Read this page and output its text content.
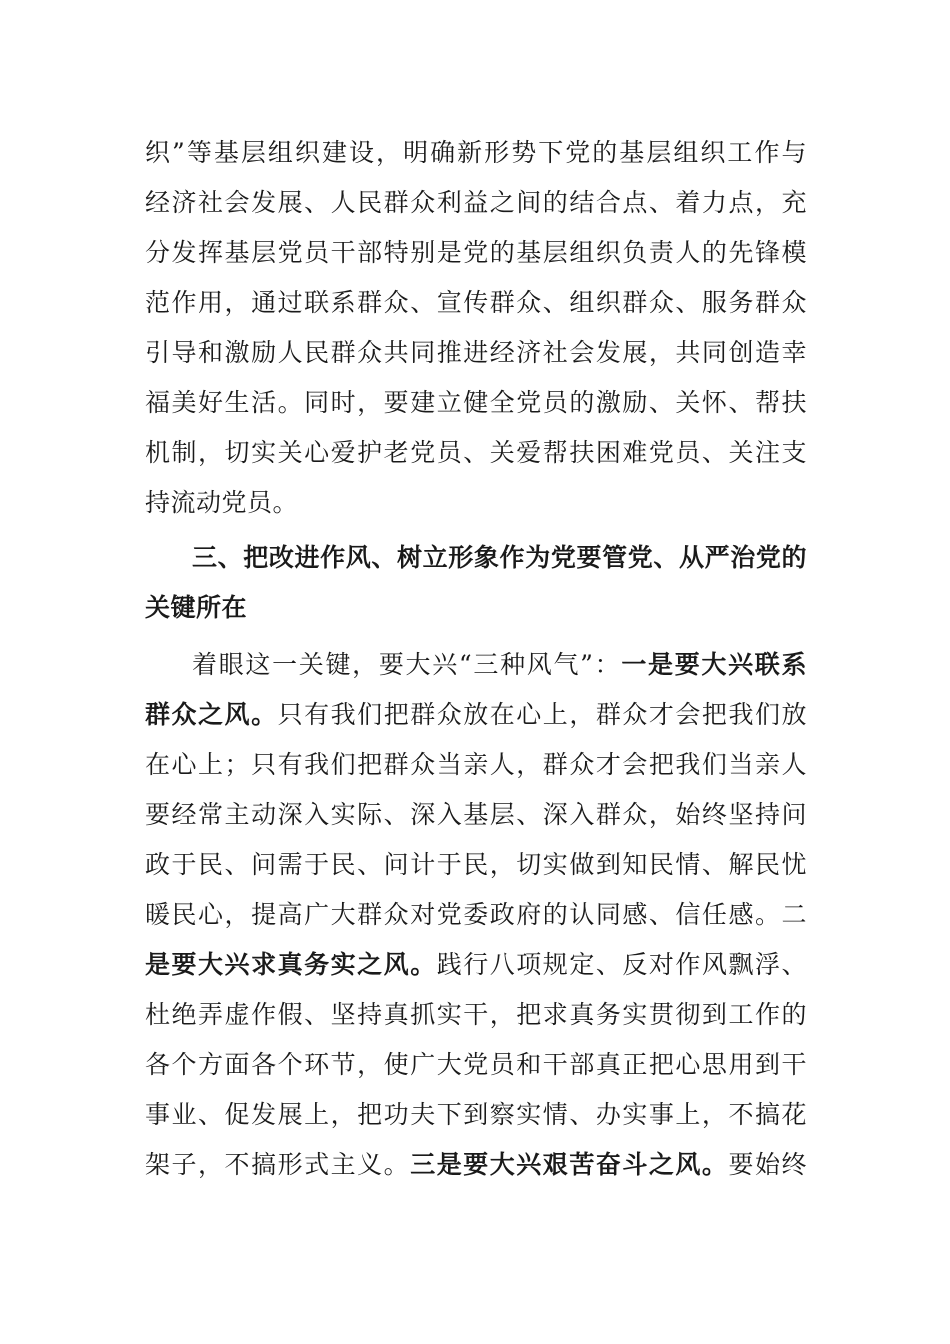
织”等基层组织建设，明确新形势下党的基层组织工作与
经济社会发展、人民群众利益之间的结合点、着力点，充
分发挥基层党员干部特别是党的基层组织负责人的先锋模
范作用，通过联系群众、宣传群众、组织群众、服务群众
引导和激励人民群众共同推进经济社会发展，共同创造幸
福美好生活。同时，要建立健全党员的激励、关怀、帮扶
机制，切实关心爱护老党员、关爱帮扶困难党员、关注支
持流动党员。
三、把改进作风、树立形象作为党要管党、从严治党的
关键所在
着眼这一关键，要大兴“三种风气”：一是要大兴联系
群众之风。只有我们把群众放在心上，群众才会把我们放
在心上；只有我们把群众当亲人，群众才会把我们当亲人
要经常主动深入实际、深入基层、深入群众，始终坚持问
政于民、问需于民、问计于民，切实做到知民情、解民忧
暖民心，提高广大群众对党委政府的认同感、信任感。二
是要大兴求真务实之风。践行八项规定、反对作风飘浮、
杜绝弄虚作假、坚持真抓实干，把求真务实贯彻到工作的
各个方面各个环节，使广大党员和干部真正把心思用到干
事业、促发展上，把功夫下到察实情、办实事上，不搞花
架子，不搞形式主义。三是要大兴艰苦奋斗之风。要始终
